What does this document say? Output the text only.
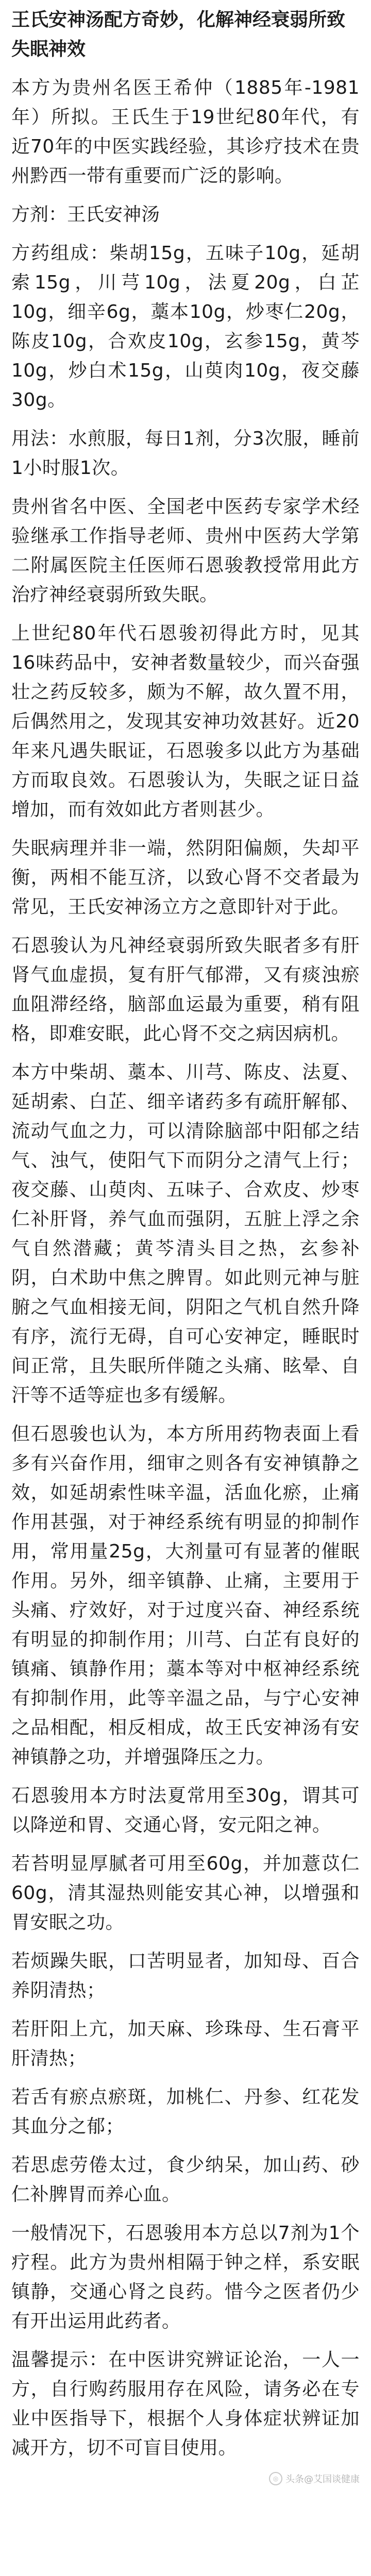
王氏安神汤配方奇妙，化解神经衰弱所致失眠神效
本方为贵州名医王希仲（1885年-1981年）所拟。王氏生于19世纪80年代，有近70年的中医实践经验，其诊疗技术在贵州黔西一带有重要而广泛的影响。
方剂：王氏安神汤
方药组成：柴胡15g，五味子10g，延胡索15g，川芎10g，法夏20g，白芷10g，细辛6g，藁本10g，炒枣仁20g，陈皮10g，合欢皮10g，玄参15g，黄芩10g，炒白术15g，山萸肉10g，夜交藤30g。
用法：水煎服，每日1剂，分3次服，睡前1小时服1次。
贵州省名中医、全国老中医药专家学术经验继承工作指导老师、贵州中医药大学第二附属医院主任医师石恩骏教授常用此方治疗神经衰弱所致失眠。
上世纪80年代石恩骏初得此方时，见其16味药品中，安神者数量较少，而兴奋强壮之药反较多，颇为不解，故久置不用，后偶然用之，发现其安神功效甚好。近20年来凡遇失眠证，石恩骏多以此方为基础方而取良效。石恩骏认为，失眠之证日益增加，而有效如此方者则甚少。
失眠病理并非一端，然阴阳偏颇，失却平衡，两相不能互济，以致心肾不交者最为常见，王氏安神汤立方之意即针对于此。
石恩骏认为凡神经衰弱所致失眠者多有肝肾气血虚损，复有肝气郁滞，又有痰浊瘀血阻滞经络，脑部血运最为重要，稍有阻格，即难安眠，此心肾不交之病因病机。
本方中柴胡、藁本、川芎、陈皮、法夏、延胡索、白芷、细辛诸药多有疏肝解郁、流动气血之力，可以清除脑部中阳郁之结气、浊气，使阳气下而阴分之清气上行；夜交藤、山萸肉、五味子、合欢皮、炒枣仁补肝肾，养气血而强阴，五脏上浮之余气自然潜藏；黄芩清头目之热，玄参补阴，白术助中焦之脾胃。如此则元神与脏腑之气血相接无间，阴阳之气机自然升降有序，流行无碍，自可心安神定，睡眠时间正常，且失眠所伴随之头痛、眩晕、自汗等不适等症也多有缓解。
但石恩骏也认为，本方所用药物表面上看多有兴奋作用，细审之则各有安神镇静之效，如延胡索性味辛温，活血化瘀，止痛作用甚强，对于神经系统有明显的抑制作用，常用量25g，大剂量可有显著的催眠作用。另外，细辛镇静、止痛，主要用于头痛、疗效好，对于过度兴奋、神经系统有明显的抑制作用；川芎、白芷有良好的镇痛、镇静作用；藁本等对中枢神经系统有抑制作用，此等辛温之品，与宁心安神之品相配，相反相成，故王氏安神汤有安神镇静之功，并增强降压之力。
石恩骏用本方时法夏常用至30g，谓其可以降逆和胃、交通心肾，安元阳之神。
若苔明显厚腻者可用至60g，并加薏苡仁60g，清其湿热则能安其心神，以增强和胃安眠之功。
若烦躁失眠，口苦明显者，加知母、百合养阴清热；
若肝阳上亢，加天麻、珍珠母、生石膏平肝清热；
若舌有瘀点瘀斑，加桃仁、丹参、红花发其血分之郁；
若思虑劳倦太过，食少纳呆，加山药、砂仁补脾胃而养心血。
一般情况下，石恩骏用本方总以7剂为1个疗程。此方为贵州相隔于钟之样，系安眠镇静，交通心肾之良药。惜今之医者仍少有开出运用此药者。
温馨提示：在中医讲究辨证论治，一人一方，自行购药服用存在风险，请务必在专业中医指导下，根据个人身体症状辨证加减开方，切不可盲目使用。
◎ 头条@艾国谈健康
